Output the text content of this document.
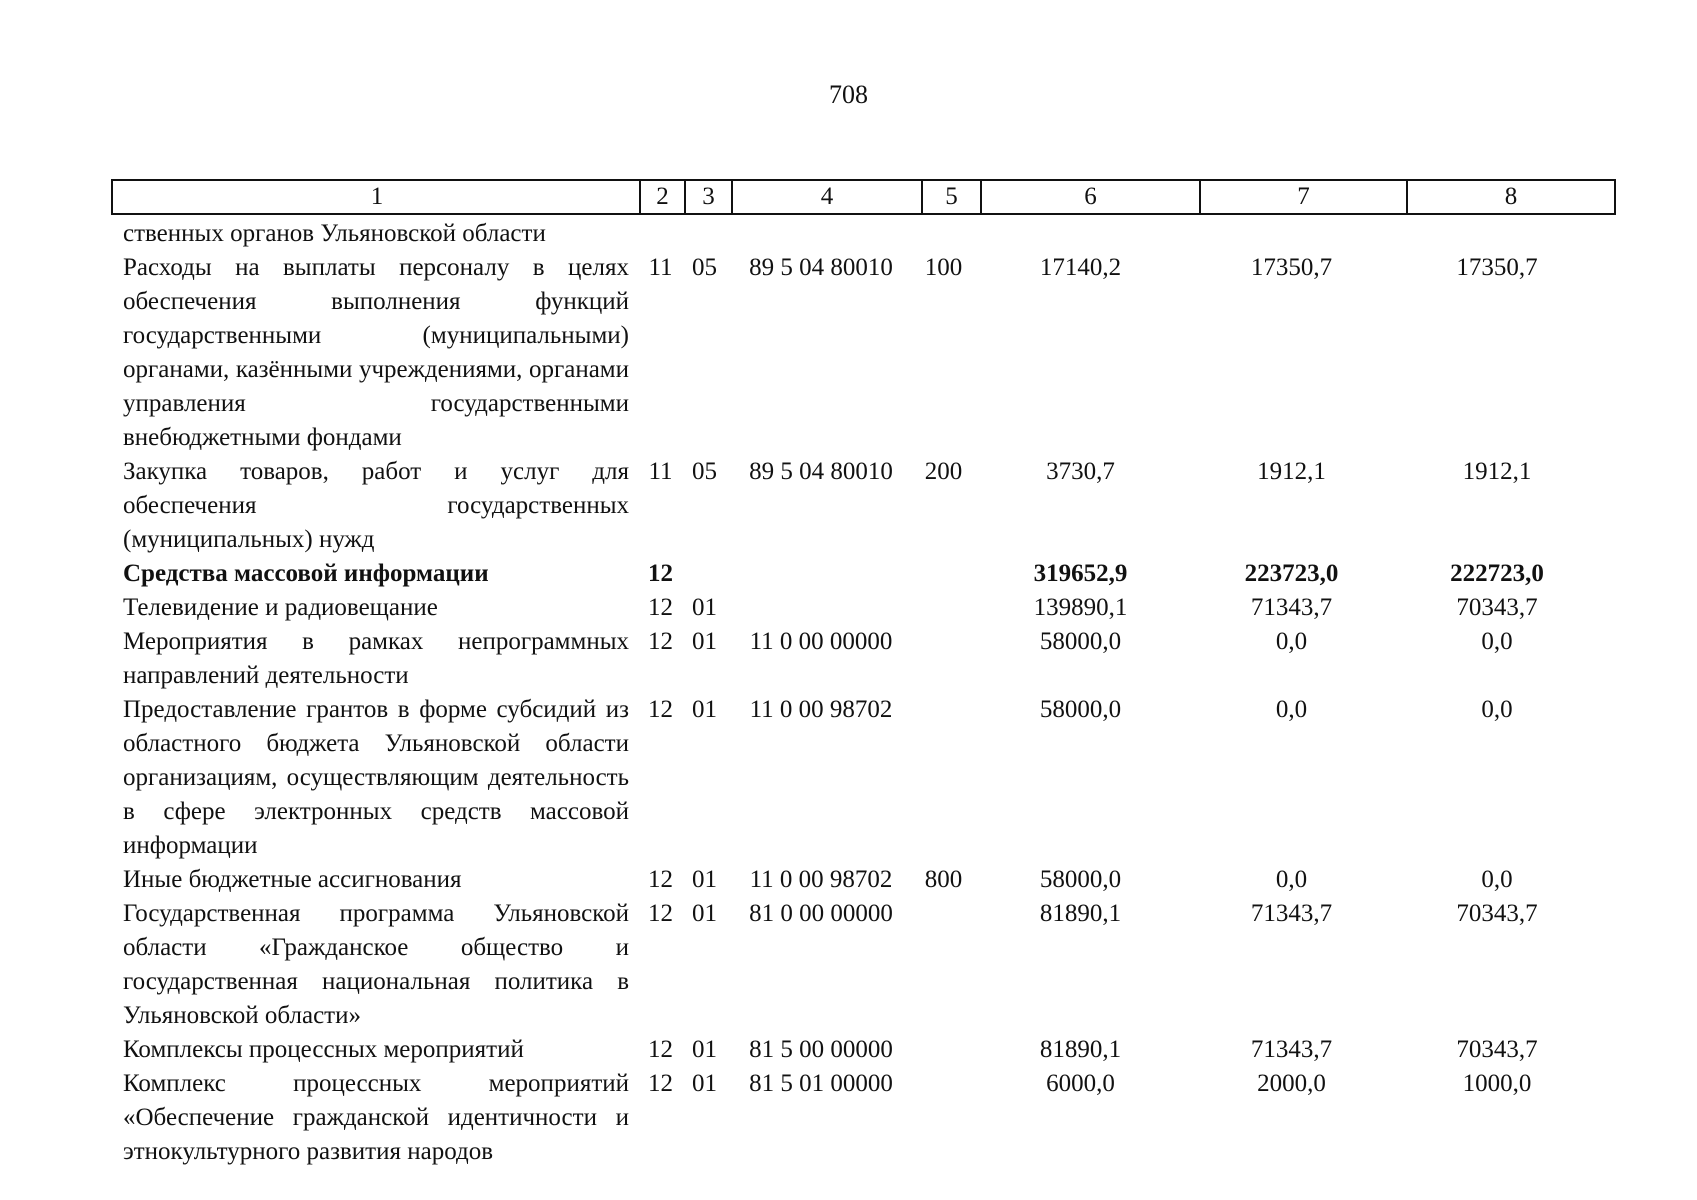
708
1	2	3	4	5	6	7	8
ственных органов Ульяновской области							
Расходы на выплаты персоналу в целях обеспечения выполнения функций государственными (муниципальными) органами, казёнными учреждениями, органами управления государственными внебюджетными фондами	11	05	89 5 04 80010	100	17140,2	17350,7	17350,7
Закупка товаров, работ и услуг для обеспечения государственных (муниципальных) нужд	11	05	89 5 04 80010	200	3730,7	1912,1	1912,1
Средства массовой информации	12				319652,9	223723,0	222723,0
Телевидение и радиовещание	12	01			139890,1	71343,7	70343,7
Мероприятия в рамках непрограммных направлений деятельности	12	01	11 0 00 00000		58000,0	0,0	0,0
Предоставление грантов в форме субсидий из областного бюджета Ульяновской области организациям, осуществляющим деятельность в сфере электронных средств массовой информации	12	01	11 0 00 98702		58000,0	0,0	0,0
Иные бюджетные ассигнования	12	01	11 0 00 98702	800	58000,0	0,0	0,0
Государственная программа Ульяновской области «Гражданское общество и государственная национальная политика в Ульяновской области»	12	01	81 0 00 00000		81890,1	71343,7	70343,7
Комплексы процессных мероприятий	12	01	81 5 00 00000		81890,1	71343,7	70343,7
Комплекс процессных мероприятий «Обеспечение гражданской идентичности и этнокультурного развития народов	12	01	81 5 01 00000		6000,0	2000,0	1000,0
